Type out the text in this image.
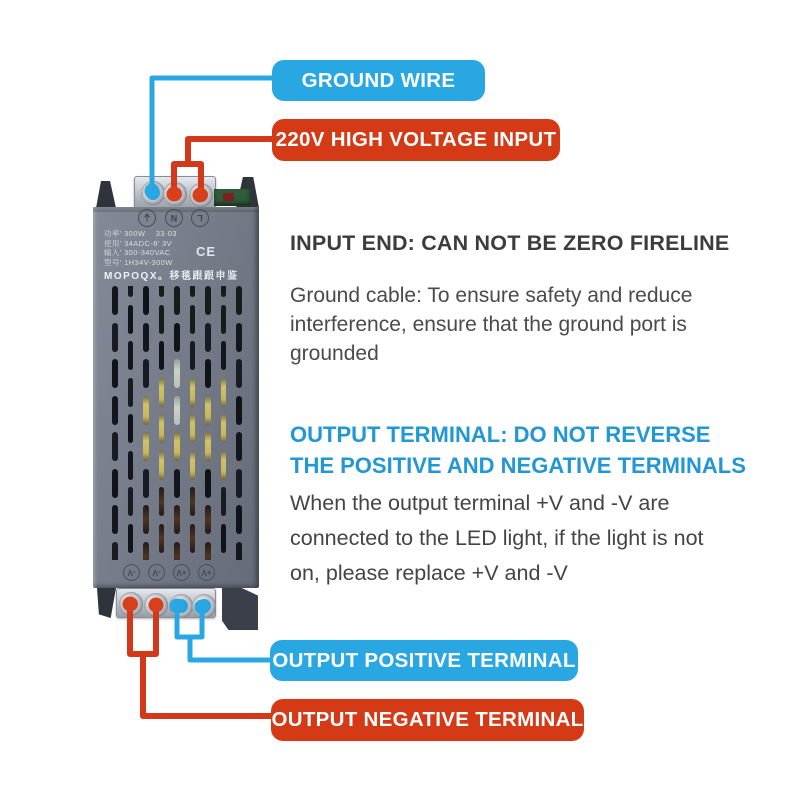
⏚	N	L
功率' 300W　 33·03
使用' 34ADC-8' 3V
输入' 300-340VAC
型号' 1H34V-300W
CE
MOPOQX。移毯跟跟申鉴
-V	-V	+V	+V
GROUND WIRE
220V HIGH VOLTAGE INPUT
OUTPUT POSITIVE TERMINAL
OUTPUT NEGATIVE TERMINAL
INPUT END: CAN NOT BE ZERO FIRELINE
Ground cable: To ensure safety and reduce
interference, ensure that the ground port is
grounded
OUTPUT TERMINAL: DO NOT REVERSE
THE POSITIVE AND NEGATIVE TERMINALS
When the output terminal +V and -V are
connected to the LED light, if the light is not
on, please replace +V and -V
